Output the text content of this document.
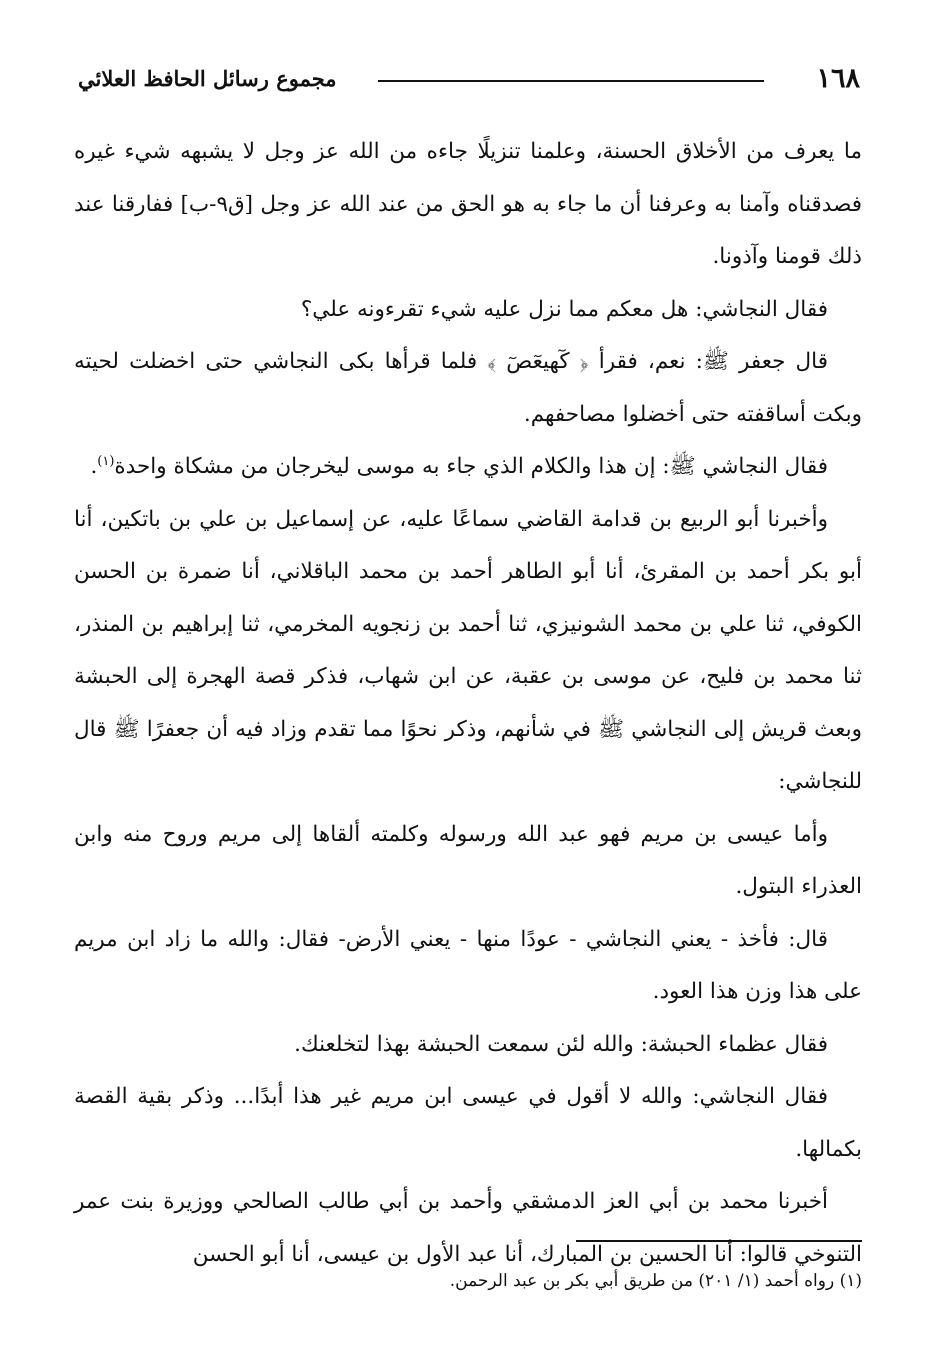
١٦٨
مجموع رسائل الحافظ العلائي

ما يعرف من الأخلاق الحسنة، وعلمنا تنزيلًا جاءه من الله عز وجل لا يشبهه شيء غيره فصدقناه وآمنا به وعرفنا أن ما جاء به هو الحق من عند الله عز وجل [ق٩-ب] ففارقنا عند ذلك قومنا وآذونا.

فقال النجاشي: هل معكم مما نزل عليه شيء تقرءونه علي؟

قال جعفر ﷺ: نعم، فقرأ ﴿ كٓهيعٓصٓ ﴾ فلما قرأها بكى النجاشي حتى اخضلت لحيته وبكت أساقفته حتى أخضلوا مصاحفهم.

فقال النجاشي ﷺ: إن هذا والكلام الذي جاء به موسى ليخرجان من مشكاة واحدة$^{(١)}$.

وأخبرنا أبو الربيع بن قدامة القاضي سماعًا عليه، عن إسماعيل بن علي بن باتكين، أنا أبو بكر أحمد بن المقرئ، أنا أبو الطاهر أحمد بن محمد الباقلاني، أنا ضمرة بن الحسن الكوفي، ثنا علي بن محمد الشونيزي، ثنا أحمد بن زنجويه المخرمي، ثنا إبراهيم بن المنذر، ثنا محمد بن فليح، عن موسى بن عقبة، عن ابن شهاب، فذكر قصة الهجرة إلى الحبشة وبعث قريش إلى النجاشي ﷺ في شأنهم، وذكر نحوًا مما تقدم وزاد فيه أن جعفرًا ﷺ قال للنجاشي:

وأما عيسى بن مريم فهو عبد الله ورسوله وكلمته ألقاها إلى مريم وروح منه وابن العذراء البتول.

قال: فأخذ - يعني النجاشي - عودًا منها - يعني الأرض- فقال: والله ما زاد ابن مريم على هذا وزن هذا العود.

فقال عظماء الحبشة: والله لئن سمعت الحبشة بهذا لتخلعنك.

فقال النجاشي: والله لا أقول في عيسى ابن مريم غير هذا أبدًا... وذكر بقية القصة بكمالها.

أخبرنا محمد بن أبي العز الدمشقي وأحمد بن أبي طالب الصالحي ووزيرة بنت عمر التنوخي قالوا: أنا الحسين بن المبارك، أنا عبد الأول بن عيسى، أنا أبو الحسن

(١) رواه أحمد (١/ ٢٠١) من طريق أبي بكر بن عبد الرحمن.
